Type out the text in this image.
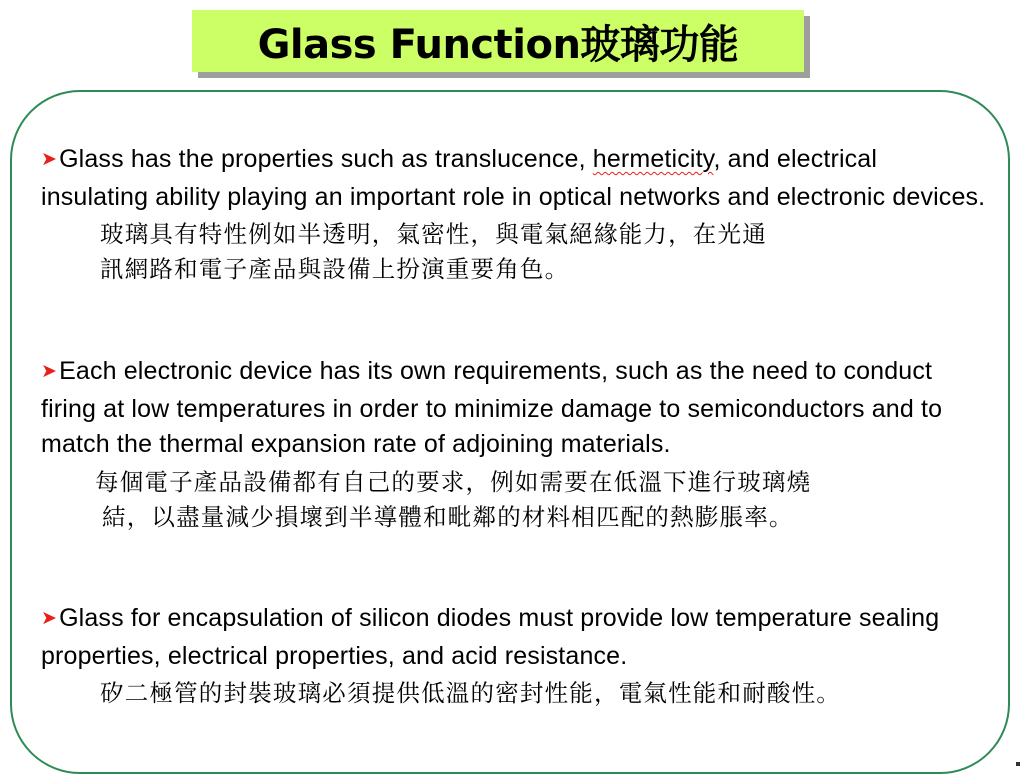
Glass Function玻璃功能

➤Glass has the properties such as translucence, hermeticity, and electrical insulating ability playing an important role in optical networks and electronic devices.

玻璃具有特性例如半透明，氣密性，與電氣絕緣能力，在光通
訊網路和電子產品與設備上扮演重要角色。

➤Each electronic device has its own requirements, such as the need to conduct firing at low temperatures in order to minimize damage to semiconductors and to match the thermal expansion rate of adjoining materials.

每個電子產品設備都有自己的要求，例如需要在低溫下進行玻璃燒
結，以盡量減少損壞到半導體和毗鄰的材料相匹配的熱膨脹率。

➤Glass for encapsulation of silicon diodes must provide low temperature sealing properties, electrical properties, and acid resistance.

矽二極管的封裝玻璃必須提供低溫的密封性能，電氣性能和耐酸性。
